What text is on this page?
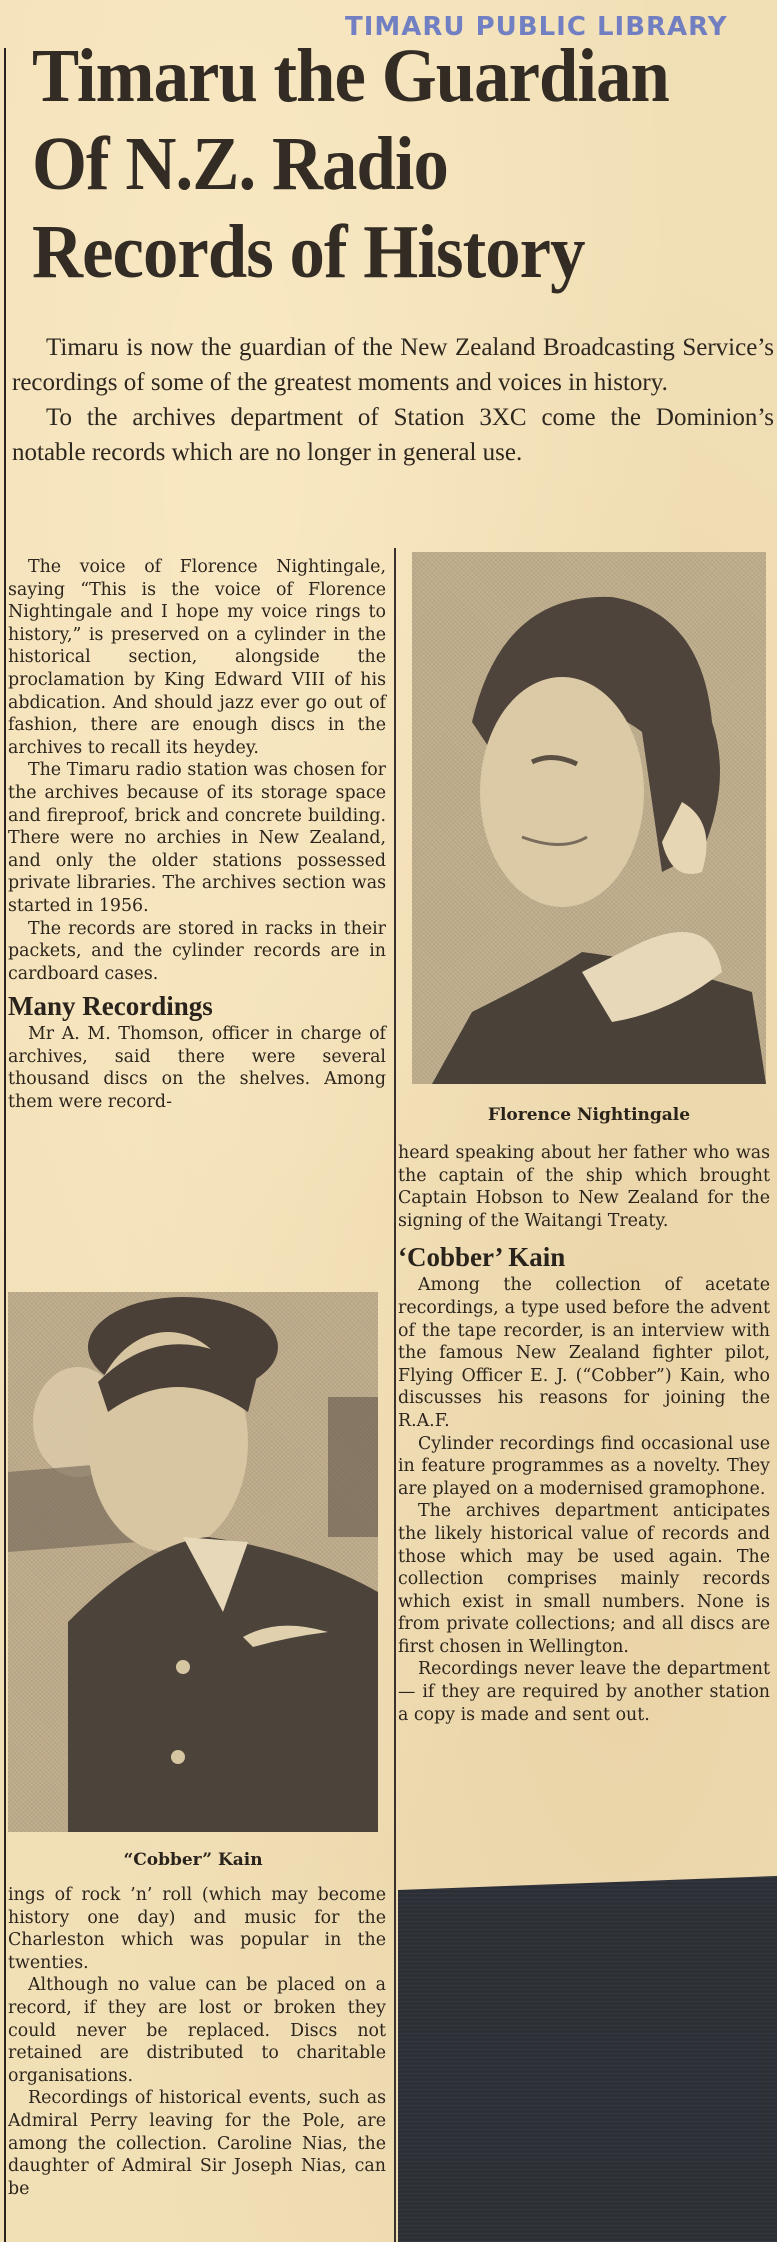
TIMARU PUBLIC LIBRARY
Timaru the Guardian
Of N.Z. Radio
Records of History

Timaru is now the guardian of the New Zealand Broadcasting Service’s recordings of some of the greatest moments and voices in history.

To the archives department of Station 3XC come the Dominion’s notable records which are no longer in general use.

The voice of Florence Nightingale, saying “This is the voice of Florence Nightingale and I hope my voice rings to history,” is preserved on a cylinder in the historical section, alongside the proclamation by King Edward VIII of his abdication. And should jazz ever go out of fashion, there are enough discs in the archives to recall its heydey.

The Timaru radio station was chosen for the archives because of its storage space and fireproof, brick and concrete building. There were no archies in New Zealand, and only the older stations possessed private libraries. The archives section was started in 1956.

The records are stored in racks in their packets, and the cylinder records are in cardboard cases.

Many Recordings

Mr A. M. Thomson, officer in charge of archives, said there were several thousand discs on the shelves. Among them were record-

“Cobber” Kain

ings of rock ’n’ roll (which may become history one day) and music for the Charleston which was popular in the twenties.

Although no value can be placed on a record, if they are lost or broken they could never be replaced. Discs not retained are distributed to charitable organisations.

Recordings of historical events, such as Admiral Perry leaving for the Pole, are among the collection. Caroline Nias, the daughter of Admiral Sir Joseph Nias, can be

Florence Nightingale

heard speaking about her father who was the captain of the ship which brought Captain Hobson to New Zealand for the signing of the Waitangi Treaty.

‘Cobber’ Kain

Among the collection of acetate recordings, a type used before the advent of the tape recorder, is an interview with the famous New Zealand fighter pilot, Flying Officer E. J. (“Cobber”) Kain, who discusses his reasons for joining the R.A.F.

Cylinder recordings find occasional use in feature programmes as a novelty. They are played on a modernised gramophone.

The archives department anticipates the likely historical value of records and those which may be used again. The collection comprises mainly records which exist in small numbers. None is from private collections; and all discs are first chosen in Wellington.

Recordings never leave the department — if they are required by another station a copy is made and sent out.
